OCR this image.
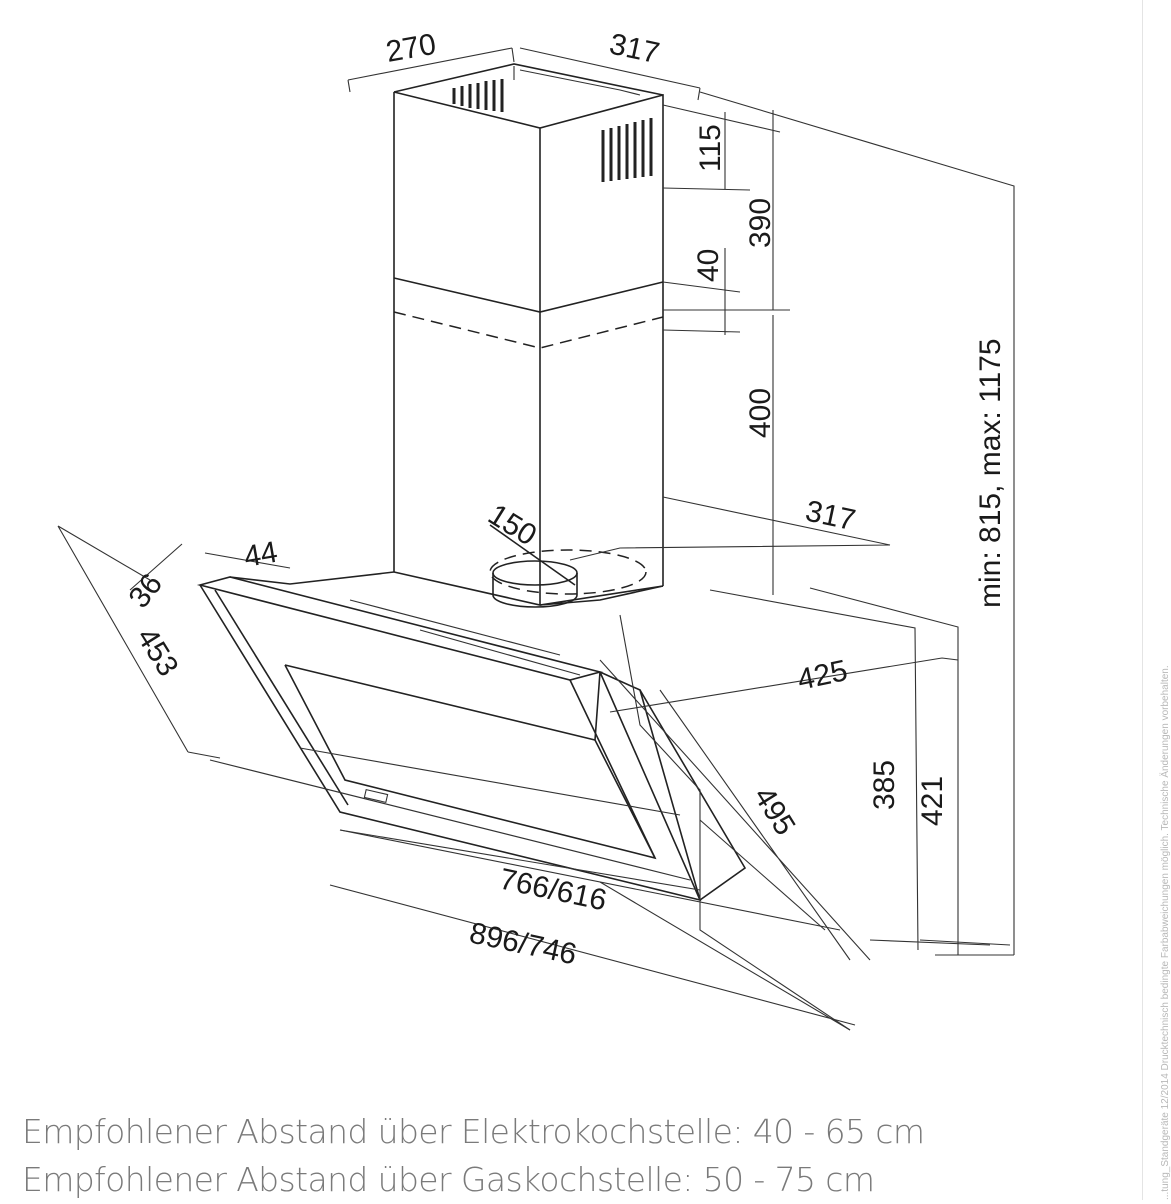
270	317
115
390
40
400	min: 815, max: 1175
150	317
36
44
453	425
385 421
495
766/616
896/746
Empfohlener Abstand über Elektrokochstelle: 40 - 65 cm
Empfohlener Abstand über Gaskochstelle: 50 - 75 cm	...tung_Standgeräte 12/2014 Drucktechnisch bedingte Farbabweichungen möglich. Technische Änderungen vorbehalten.
